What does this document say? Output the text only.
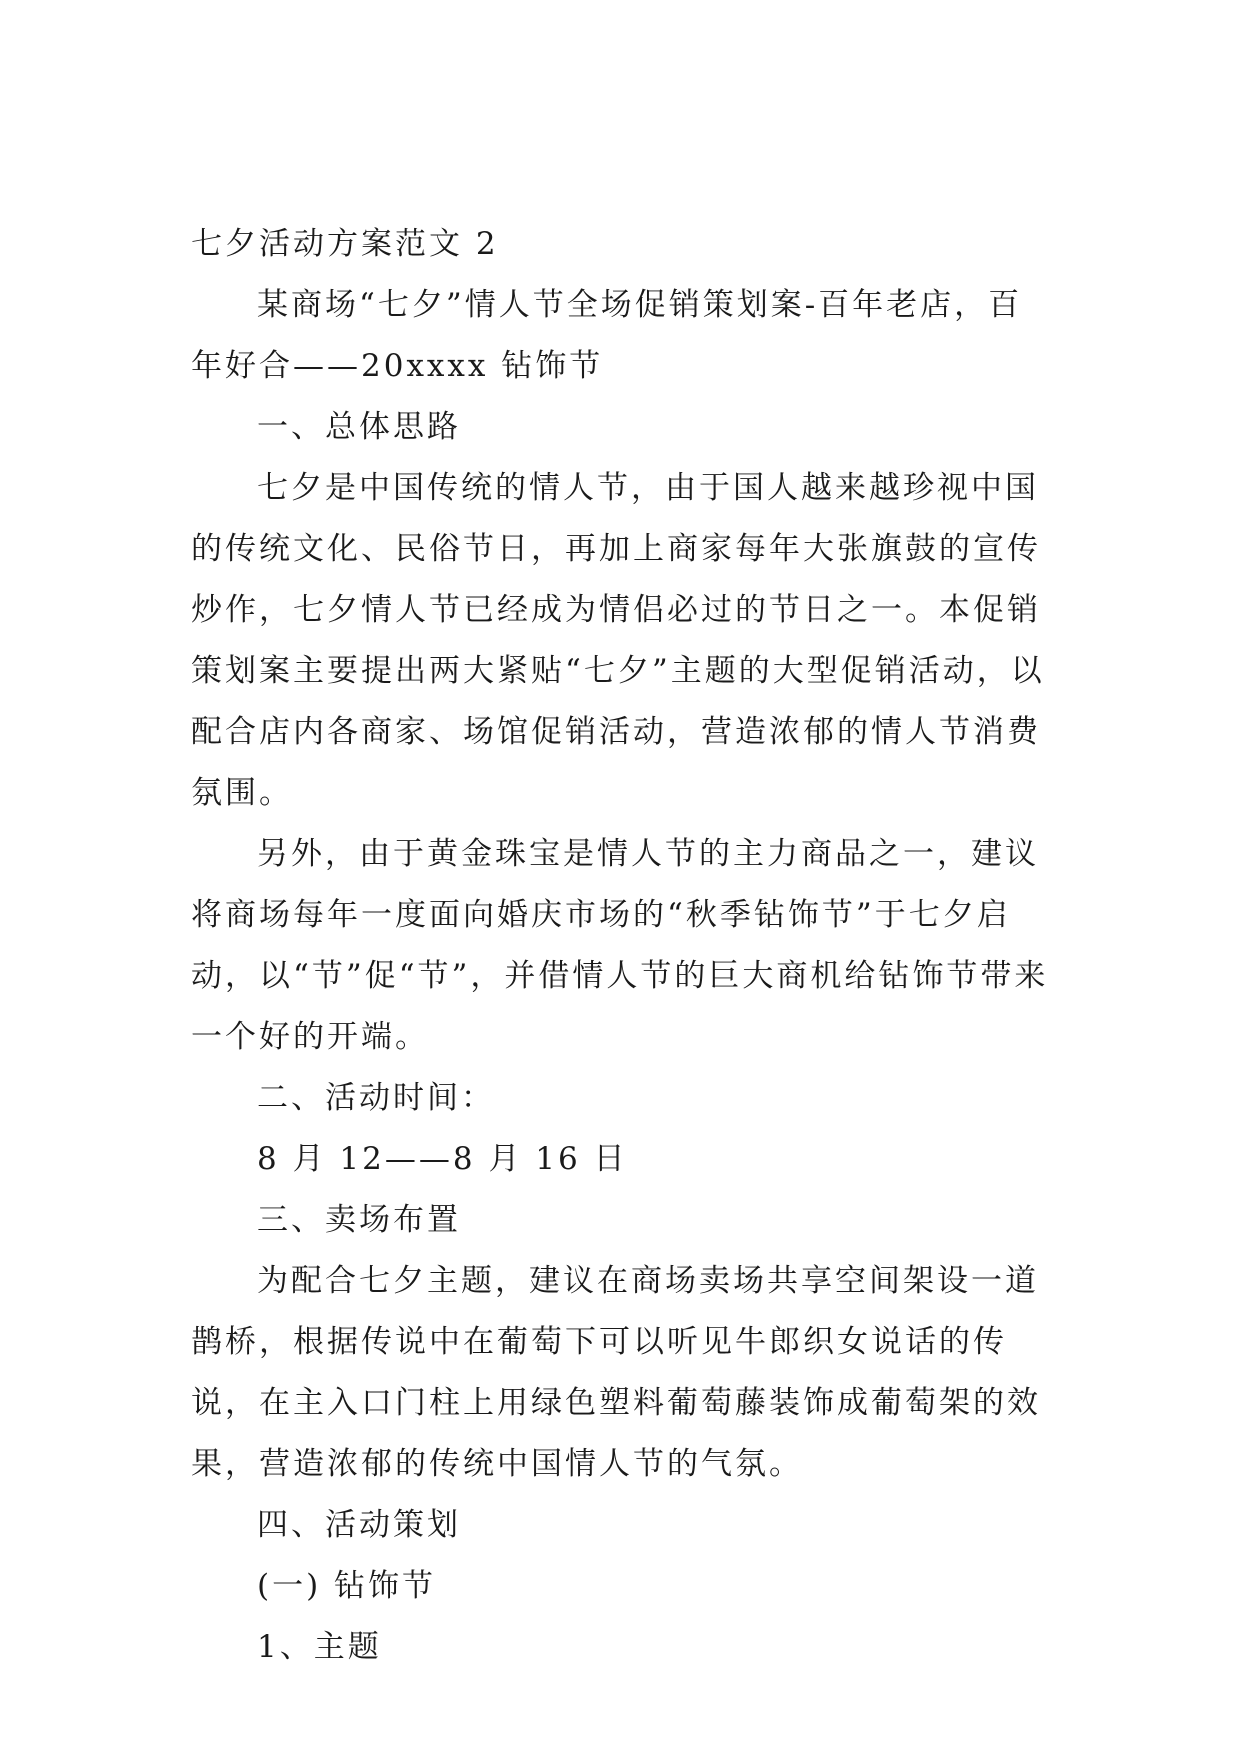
七夕活动方案范文 2

某商场“七夕”情人节全场促销策划案-百年老店，百年好合——20xxxx 钻饰节

一、总体思路

七夕是中国传统的情人节，由于国人越来越珍视中国的传统文化、民俗节日，再加上商家每年大张旗鼓的宣传炒作，七夕情人节已经成为情侣必过的节日之一。本促销策划案主要提出两大紧贴“七夕”主题的大型促销活动，以配合店内各商家、场馆促销活动，营造浓郁的情人节消费氛围。

另外，由于黄金珠宝是情人节的主力商品之一，建议将商场每年一度面向婚庆市场的“秋季钻饰节”于七夕启动，以“节”促“节”，并借情人节的巨大商机给钻饰节带来一个好的开端。

二、活动时间：

8 月 12——8 月 16 日

三、卖场布置

为配合七夕主题，建议在商场卖场共享空间架设一道鹊桥，根据传说中在葡萄下可以听见牛郎织女说话的传说，在主入口门柱上用绿色塑料葡萄藤装饰成葡萄架的效果，营造浓郁的传统中国情人节的气氛。

四、活动策划

(一) 钻饰节

1、主题
